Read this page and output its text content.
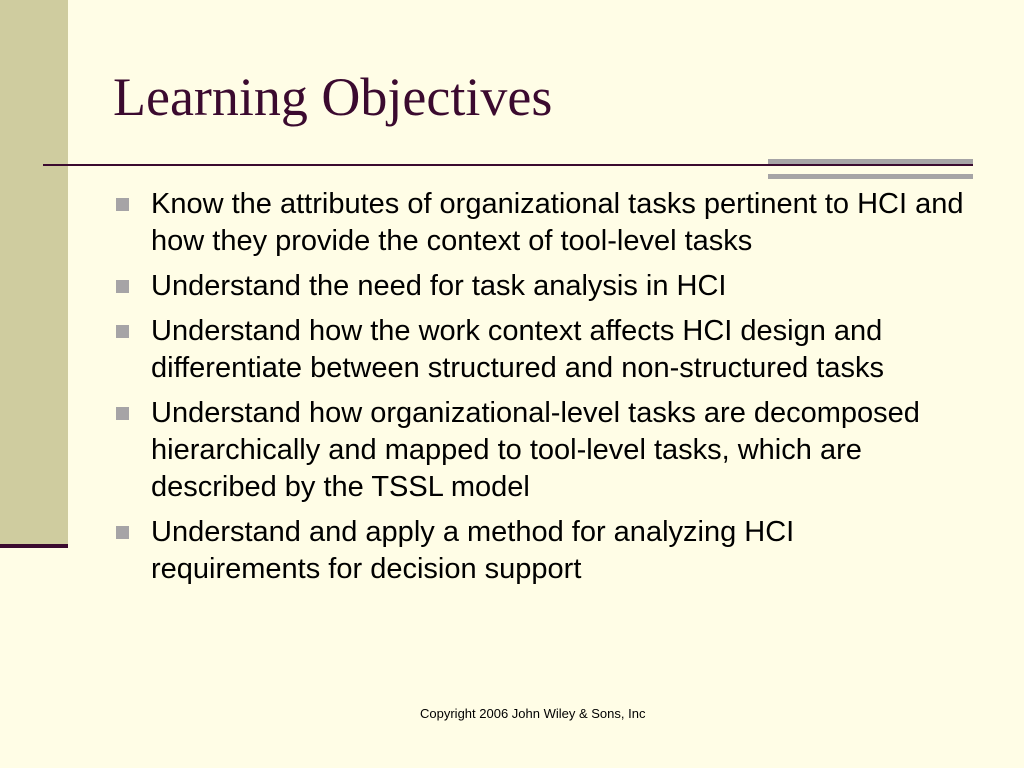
Learning Objectives
Know the attributes of organizational tasks pertinent to HCI and how they provide the context of tool-level tasks
Understand the need for task analysis in HCI
Understand how the work context affects HCI design and differentiate between structured and non-structured tasks
Understand how organizational-level tasks are decomposed hierarchically and mapped to tool-level tasks, which are described by the TSSL model
Understand and apply a method for analyzing HCI requirements for decision support
Copyright 2006 John Wiley & Sons, Inc
